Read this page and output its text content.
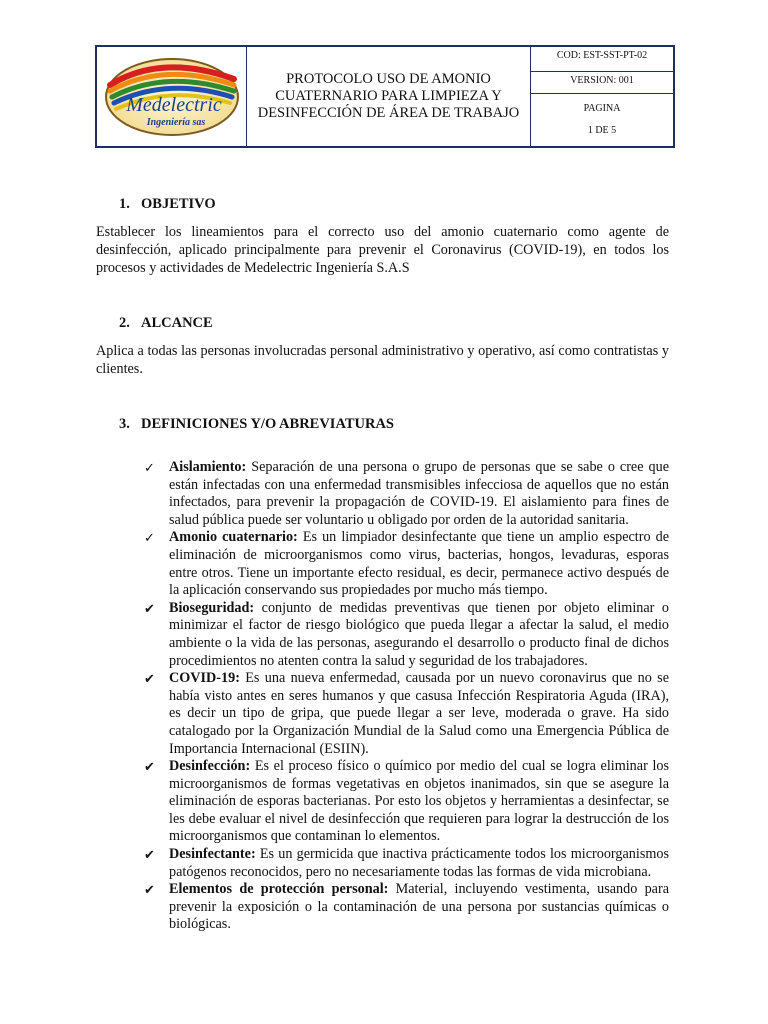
Medelectric
Ingeniería sas
PROTOCOLO USO DE AMONIO
CUATERNARIO PARA LIMPIEZA Y
DESINFECCIÓN DE ÁREA DE TRABAJO
COD: EST-SST-PT-02
VERSION: 001
PAGINA
1 DE 5
1. OBJETIVO

Establecer los lineamientos para el correcto uso del amonio cuaternario como agente de desinfección, aplicado principalmente para prevenir el Coronavirus (COVID-19), en todos los procesos y actividades de Medelectric Ingeniería S.A.S

2. ALCANCE

Aplica a todas las personas involucradas personal administrativo y operativo, así como contratistas y clientes.

3. DEFINICIONES Y/O ABREVIATURAS
✓ Aislamiento: Separación de una persona o grupo de personas que se sabe o cree que están infectadas con una enfermedad transmisibles infecciosa de aquellos que no están infectados, para prevenir la propagación de COVID-19. El aislamiento para fines de salud pública puede ser voluntario u obligado por orden de la autoridad sanitaria.
✓ Amonio cuaternario: Es un limpiador desinfectante que tiene un amplio espectro de eliminación de microorganismos como virus, bacterias, hongos, levaduras, esporas entre otros. Tiene un importante efecto residual, es decir, permanece activo después de la aplicación conservando sus propiedades por mucho más tiempo.
✔ Bioseguridad: conjunto de medidas preventivas que tienen por objeto eliminar o minimizar el factor de riesgo biológico que pueda llegar a afectar la salud, el medio ambiente o la vida de las personas, asegurando el desarrollo o producto final de dichos procedimientos no atenten contra la salud y seguridad de los trabajadores.
✔ COVID-19: Es una nueva enfermedad, causada por un nuevo coronavirus que no se había visto antes en seres humanos y que casusa Infección Respiratoria Aguda (IRA), es decir un tipo de gripa, que puede llegar a ser leve, moderada o grave. Ha sido catalogado por la Organización Mundial de la Salud como una Emergencia Pública de Importancia Internacional (ESIIN).
✔ Desinfección: Es el proceso físico o químico por medio del cual se logra eliminar los microorganismos de formas vegetativas en objetos inanimados, sin que se asegure la eliminación de esporas bacterianas. Por esto los objetos y herramientas a desinfectar, se les debe evaluar el nivel de desinfección que requieren para lograr la destrucción de los microorganismos que contaminan lo elementos.
✔ Desinfectante: Es un germicida que inactiva prácticamente todos los microorganismos patógenos reconocidos, pero no necesariamente todas las formas de vida microbiana.
✔ Elementos de protección personal: Material, incluyendo vestimenta, usando para prevenir la exposición o la contaminación de una persona por sustancias químicas o biológicas.
